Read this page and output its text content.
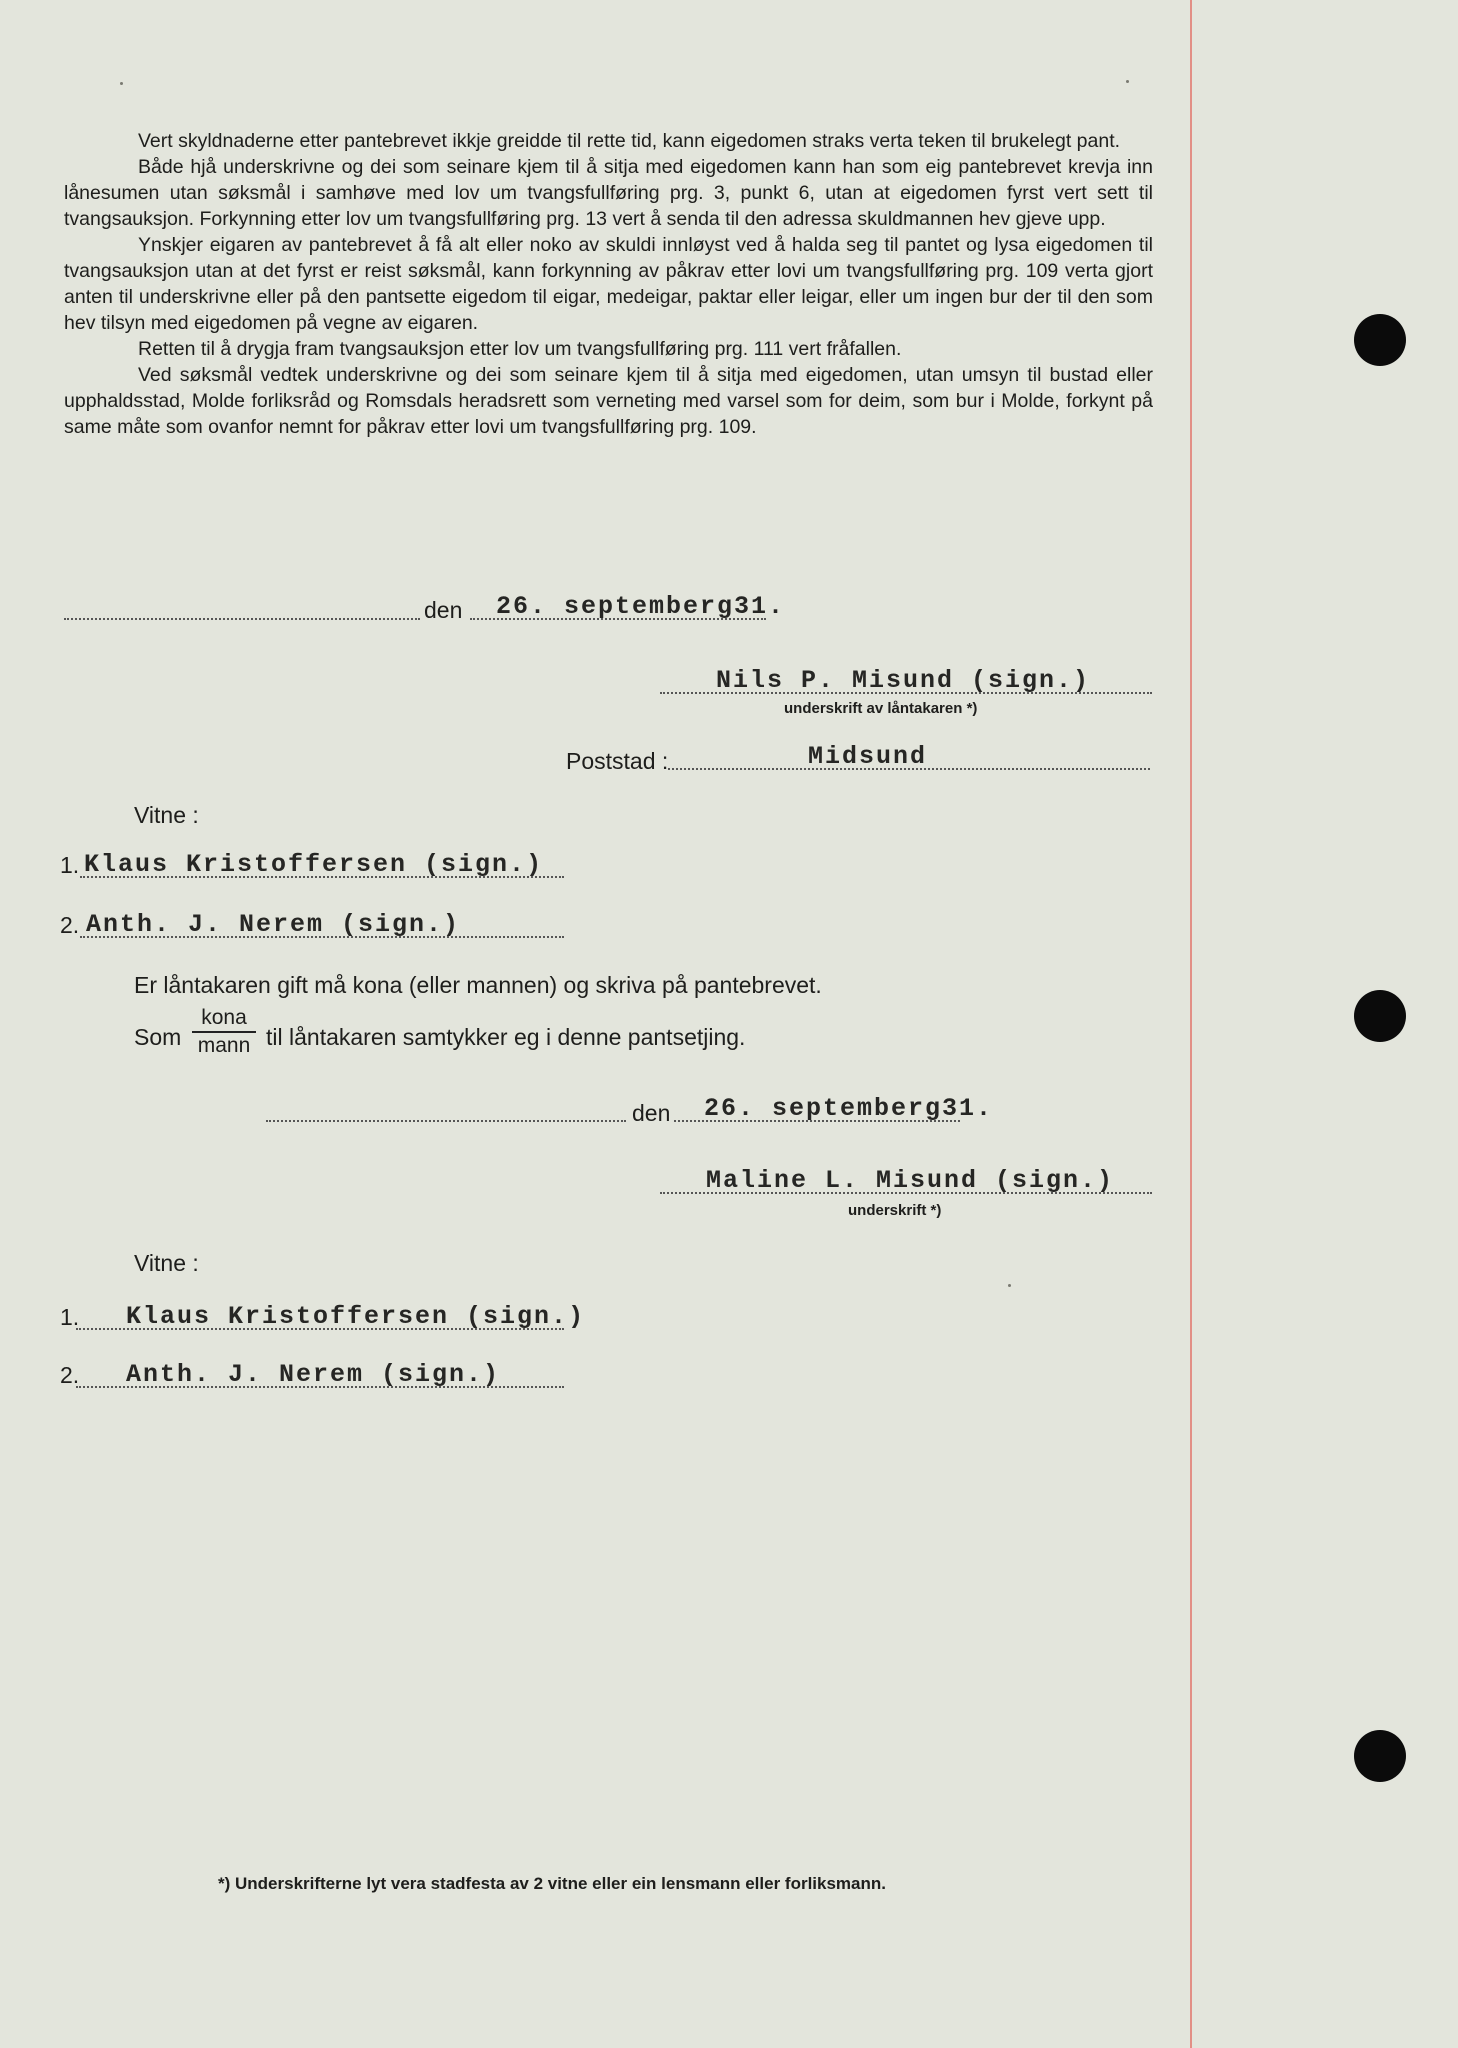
Vert skyldnaderne etter pantebrevet ikkje greidde til rette tid, kann eigedomen straks verta teken til brukelegt pant.

Både hjå underskrivne og dei som seinare kjem til å sitja med eigedomen kann han som eig pantebrevet krevja inn lånesumen utan søksmål i samhøve med lov um tvangsfullføring prg. 3, punkt 6, utan at eigedomen fyrst vert sett til tvangsauksjon. Forkynning etter lov um tvangsfullføring prg. 13 vert å senda til den adressa skuldmannen hev gjeve upp.

Ynskjer eigaren av pantebrevet å få alt eller noko av skuldi innløyst ved å halda seg til pantet og lysa eigedomen til tvangsauksjon utan at det fyrst er reist søksmål, kann forkynning av påkrav etter lovi um tvangsfullføring prg. 109 verta gjort anten til underskrivne eller på den pantsette eigedom til eigar, medeigar, paktar eller leigar, eller um ingen bur der til den som hev tilsyn med eigedomen på vegne av eigaren.

Retten til å drygja fram tvangsauksjon etter lov um tvangsfullføring prg. 111 vert fråfallen.

Ved søksmål vedtek underskrivne og dei som seinare kjem til å sitja med eigedomen, utan umsyn til bustad eller upphaldsstad, Molde forliksråd og Romsdals heradsrett som verneting med varsel som for deim, som bur i Molde, forkynt på same måte som ovanfor nemnt for påkrav etter lovi um tvangsfullføring prg. 109.

den 26. septemberg31.
Nils P. Misund (sign.)
underskrift av låntakaren *)
Poststad :	Midsund
Vitne :
1. Klaus Kristoffersen (sign.)
2. Anth. J. Nerem (sign.)
Er låntakaren gift må kona (eller mannen) og skriva på pantebrevet.
Som
kona
mann til låntakaren samtykker eg i denne pantsetjing.
den 26. septemberg31.
Maline L. Misund (sign.)
underskrift *)
Vitne :
1. Klaus Kristoffersen (sign.)
2. Anth. J. Nerem (sign.)
*) Underskrifterne lyt vera stadfesta av 2 vitne eller ein lensmann eller forliksmann.
